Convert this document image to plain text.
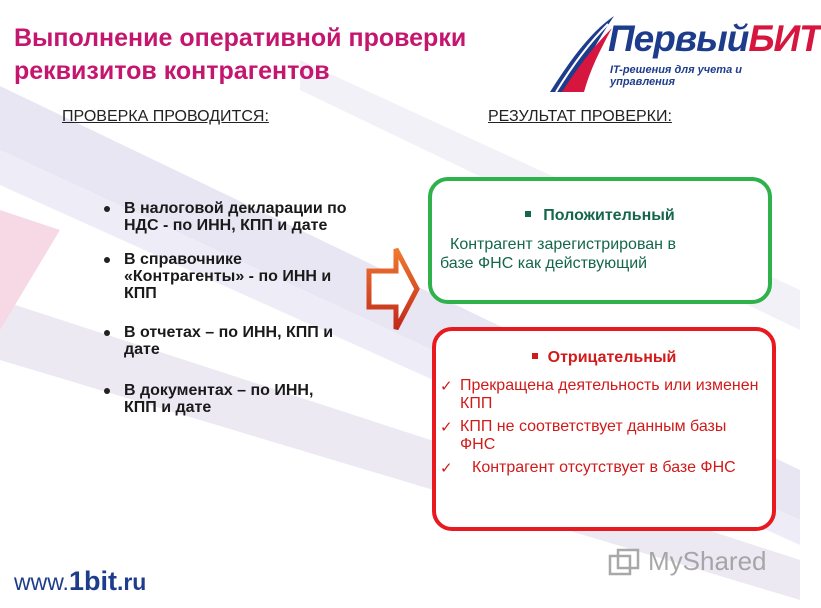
Выполнение оперативной проверки реквизитов контрагентов
ПервыйБИТ
IT-решения для учета и управления
ПРОВЕРКА ПРОВОДИТСЯ:	РЕЗУЛЬТАТ ПРОВЕРКИ:
В налоговой декларации по НДС - по ИНН, КПП и дате
В справочнике «Контрагенты» - по ИНН и КПП
В отчетах – по ИНН, КПП и дате
В документах – по ИНН, КПП и дате
Положительный
Контрагент зарегистрирован в
базе ФНС как действующий
Отрицательный
✓ Прекращена деятельность или изменен КПП
✓ КПП не соответствует данным базы ФНС
✓ Контрагент отсутствует в базе ФНС
www.1bit.ru
MyShared
